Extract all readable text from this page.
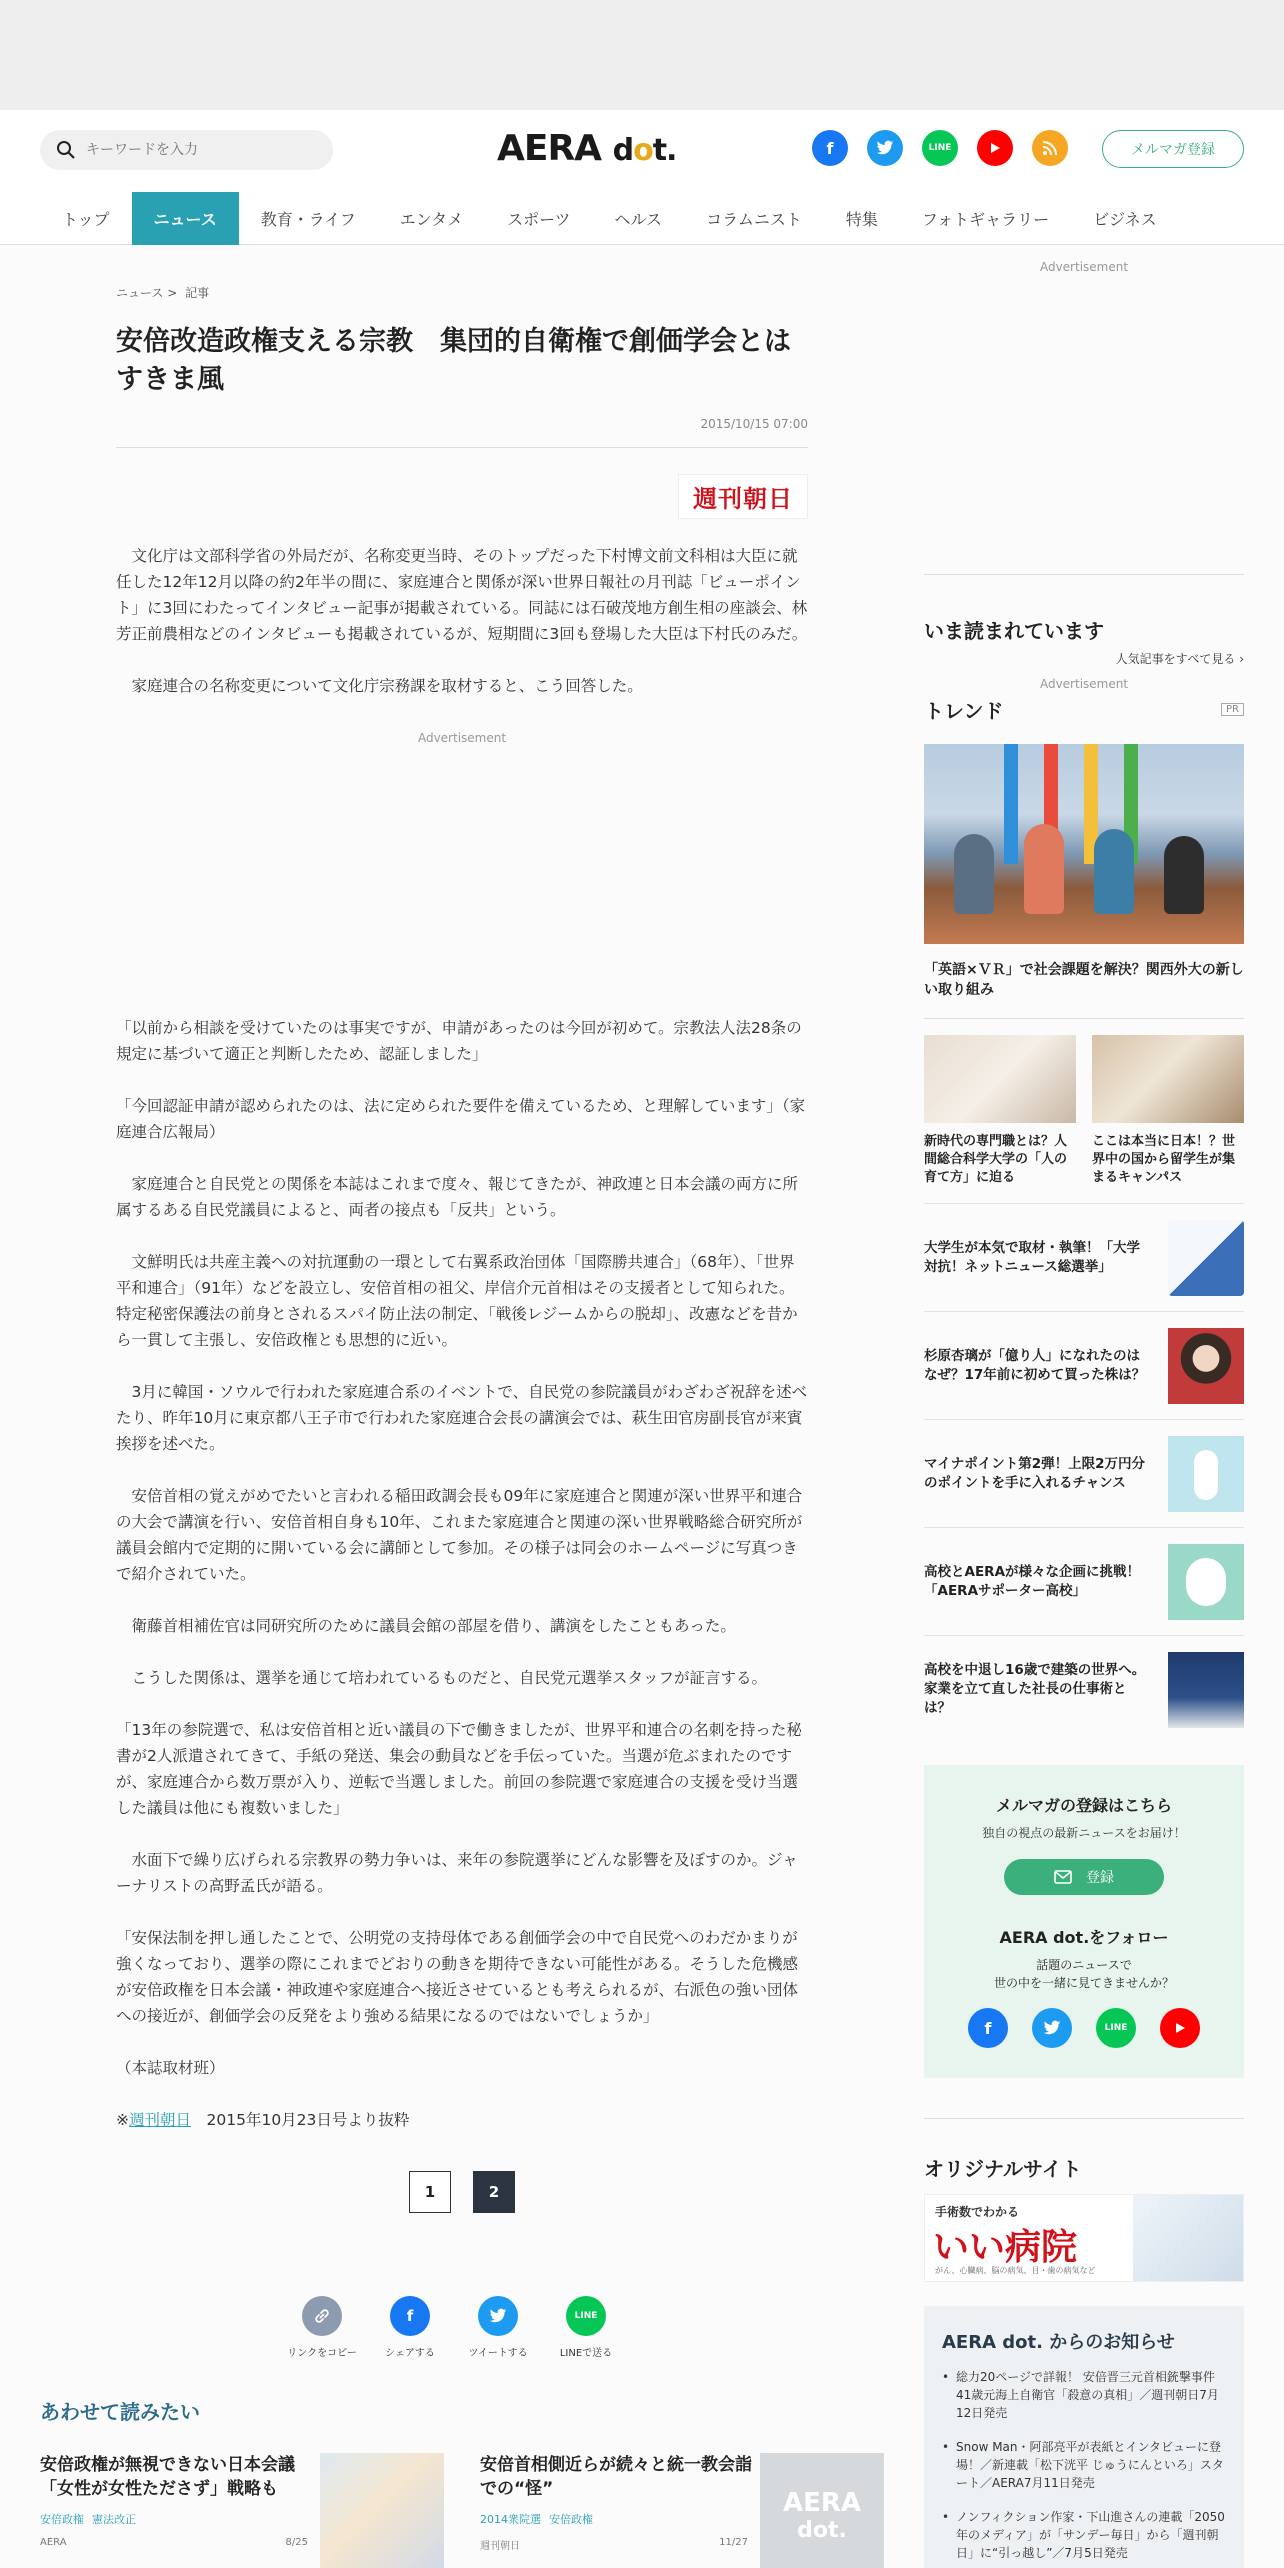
キーワードを入力
AERA dot.	f	LINE	メルマガ登録
トップ	ニュース	教育・ライフ	エンタメ	スポーツ	ヘルス	コラムニスト	特集	フォトギャラリー	ビジネス
ニュース > 記事
安倍改造政権支える宗教　集団的自衛権で創価学会とはすきま風
2015/10/15 07:00
週刊朝日

　文化庁は文部科学省の外局だが、名称変更当時、そのトップだった下村博文前文科相は大臣に就任した12年12月以降の約2年半の間に、家庭連合と関係が深い世界日報社の月刊誌「ビューポイント」に3回にわたってインタビュー記事が掲載されている。同誌には石破茂地方創生相の座談会、林芳正前農相などのインタビューも掲載されているが、短期間に3回も登場した大臣は下村氏のみだ。

　家庭連合の名称変更について文化庁宗務課を取材すると、こう回答した。

Advertisement

「以前から相談を受けていたのは事実ですが、申請があったのは今回が初めて。宗教法人法28条の規定に基づいて適正と判断したため、認証しました」

「今回認証申請が認められたのは、法に定められた要件を備えているため、と理解しています」（家庭連合広報局）

　家庭連合と自民党との関係を本誌はこれまで度々、報じてきたが、神政連と日本会議の両方に所属するある自民党議員によると、両者の接点も「反共」という。

　文鮮明氏は共産主義への対抗運動の一環として右翼系政治団体「国際勝共連合」（68年）、「世界平和連合」（91年）などを設立し、安倍首相の祖父、岸信介元首相はその支援者として知られた。特定秘密保護法の前身とされるスパイ防止法の制定、「戦後レジームからの脱却」、改憲などを昔から一貫して主張し、安倍政権とも思想的に近い。

　3月に韓国・ソウルで行われた家庭連合系のイベントで、自民党の参院議員がわざわざ祝辞を述べたり、昨年10月に東京都八王子市で行われた家庭連合会長の講演会では、萩生田官房副長官が来賓挨拶を述べた。

　安倍首相の覚えがめでたいと言われる稲田政調会長も09年に家庭連合と関連が深い世界平和連合の大会で講演を行い、安倍首相自身も10年、これまた家庭連合と関連の深い世界戦略総合研究所が議員会館内で定期的に開いている会に講師として参加。その様子は同会のホームページに写真つきで紹介されていた。

　衛藤首相補佐官は同研究所のために議員会館の部屋を借り、講演をしたこともあった。

　こうした関係は、選挙を通じて培われているものだと、自民党元選挙スタッフが証言する。

「13年の参院選で、私は安倍首相と近い議員の下で働きましたが、世界平和連合の名刺を持った秘書が2人派遣されてきて、手紙の発送、集会の動員などを手伝っていた。当選が危ぶまれたのですが、家庭連合から数万票が入り、逆転で当選しました。前回の参院選で家庭連合の支援を受け当選した議員は他にも複数いました」

　水面下で繰り広げられる宗教界の勢力争いは、来年の参院選挙にどんな影響を及ぼすのか。ジャーナリストの高野孟氏が語る。

「安保法制を押し通したことで、公明党の支持母体である創価学会の中で自民党へのわだかまりが強くなっており、選挙の際にこれまでどおりの動きを期待できない可能性がある。そうした危機感が安倍政権を日本会議・神政連や家庭連合へ接近させているとも考えられるが、右派色の強い団体への接近が、創価学会の反発をより強める結果になるのではないでしょうか」

（本誌取材班）

※週刊朝日　2015年10月23日号より抜粋

1	2
リンクをコピー
f
シェアする	ツイートする
LINE
LINEで送る
あわせて読みたい
安倍政権が無視できない日本会議 「女性が女性たださず」戦略も
安倍政権 憲法改正
AERA	8/25
安倍首相側近らが続々と統一教会詣での“怪”
2014衆院選 安倍政権
週刊朝日	11/27
AERA
dot.
Advertisement
いま読まれています
人気記事をすべて見る ›
Advertisement
トレンド	PR
「英語×ＶＲ」で社会課題を解決？関西外大の新しい取り組み
新時代の専門職とは？人間総合科学大学の「人の育て方」に迫る
ここは本当に日本！？世界中の国から留学生が集まるキャンパス
大学生が本気で取材・執筆！「大学対抗！ネットニュース総選挙」
杉原杏璃が「億り人」になれたのはなぜ？17年前に初めて買った株は？
マイナポイント第2弾！上限2万円分のポイントを手に入れるチャンス
高校とAERAが様々な企画に挑戦！「AERAサポーター高校」
高校を中退し16歳で建築の世界へ。家業を立て直した社長の仕事術とは？
メルマガの登録はこちら
独自の視点の最新ニュースをお届け！
登録
AERA dot.をフォロー
話題のニュースで
世の中を一緒に見てきませんか？
f	LINE
オリジナルサイト
手術数でわかる
いい病院
がん、心臓病、脳の病気、目・歯の病気など
AERA dot. からのお知らせ
• 総力20ページで詳報！ 安倍晋三元首相銃撃事件 41歳元海上自衛官「殺意の真相」／週刊朝日7月12日発売
• Snow Man・阿部亮平が表紙とインタビューに登場！／新連載「松下洸平 じゅうにんといろ」スタート／AERA7月11日発売
• ノンフィクション作家・下山進さんの連載「2050年のメディア」が「サンデー毎日」から「週刊朝日」に“引っ越し”／7月5日発売
